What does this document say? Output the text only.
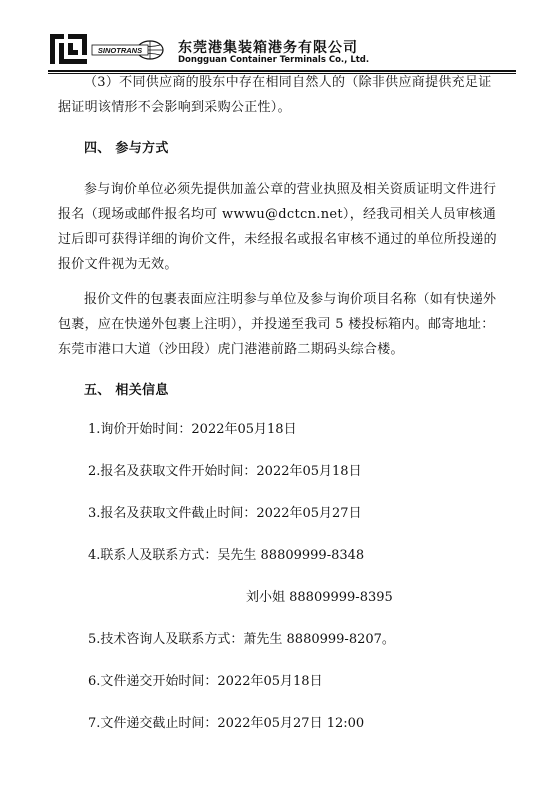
SINOTRANS	东莞港集装箱港务有限公司
Dongguan Container Terminals Co., Ltd.

（3）不同供应商的股东中存在相同自然人的（除非供应商提供充足证据证明该情形不会影响到采购公正性）。

四、 参与方式

参与询价单位必须先提供加盖公章的营业执照及相关资质证明文件进行报名（现场或邮件报名均可 wwwu@dctcn.net），经我司相关人员审核通过后即可获得详细的询价文件，未经报名或报名审核不通过的单位所投递的报价文件视为无效。

报价文件的包裹表面应注明参与单位及参与询价项目名称（如有快递外包裹，应在快递外包裹上注明），并投递至我司 5 楼投标箱内。邮寄地址：东莞市港口大道（沙田段）虎门港港前路二期码头综合楼。

五、 相关信息

1.询价开始时间：2022年05月18日
2.报名及获取文件开始时间：2022年05月18日
3.报名及获取文件截止时间：2022年05月27日
4.联系人及联系方式：吴先生 88809999-8348
刘小姐 88809999-8395
5.技术咨询人及联系方式：萧先生 8880999-8207。
6.文件递交开始时间：2022年05月18日
7.文件递交截止时间：2022年05月27日 12:00
